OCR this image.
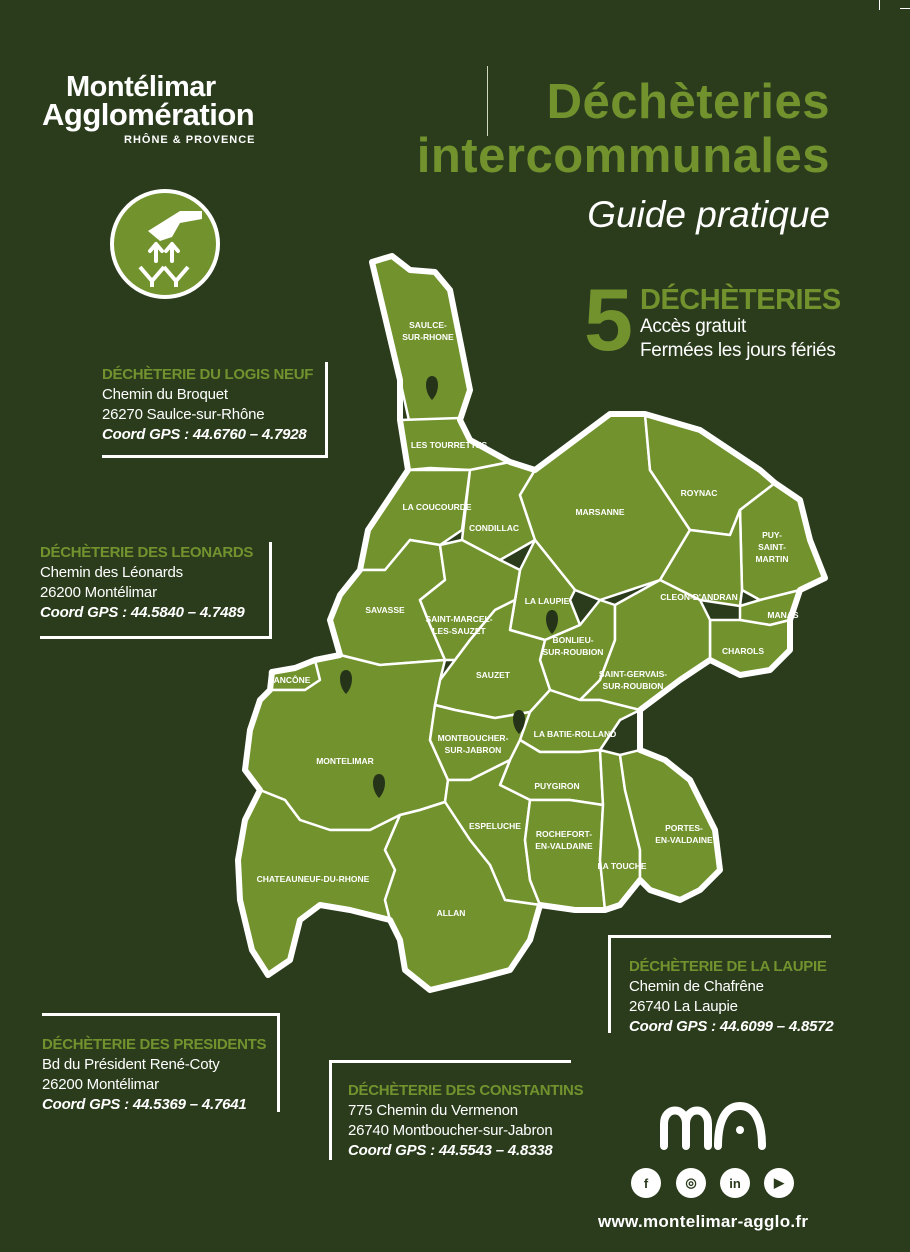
Montélimar
Agglomération
RHÔNE & PROVENCE
Déchèteries
intercommunales
Guide pratique
SAULCE-
SUR-RHONE
LES TOURRETTES
LA COUCOURDE
CONDILLAC
MARSANNE
ROYNAC
PUY-
SAINT-
MARTIN
CLEON-D'ANDRAN
MANAS
CHAROLS
LA LAUPIE
BONLIEU-
SUR-ROUBION
SAINT-GERVAIS-
SUR-ROUBION
SAVASSE
SAINT-MARCEL-
LES-SAUZET
SAUZET
ANCÔNE
MONTELIMAR
MONTBOUCHER-
SUR-JABRON
LA BATIE-ROLLAND
PUYGIRON
ESPELUCHE
ROCHEFORT-
EN-VALDAINE
LA TOUCHE
PORTES-
EN-VALDAINE
CHATEAUNEUF-DU-RHONE
ALLAN
5 DÉCHÈTERIES
Accès gratuit
Fermées les jours fériés
DÉCHÈTERIE DU LOGIS NEUF
Chemin du Broquet
26270 Saulce-sur-Rhône
Coord GPS : 44.6760 – 4.7928
DÉCHÈTERIE DES LEONARDS
Chemin des Léonards
26200 Montélimar
Coord GPS : 44.5840 – 4.7489
DÉCHÈTERIE DE LA LAUPIE
Chemin de Chafrêne
26740 La Laupie
Coord GPS : 44.6099 – 4.8572
DÉCHÈTERIE DES PRESIDENTS
Bd du Président René-Coty
26200 Montélimar
Coord GPS : 44.5369 – 4.7641
DÉCHÈTERIE DES CONSTANTINS
775 Chemin du Vermenon
26740 Montboucher-sur-Jabron
Coord GPS : 44.5543 – 4.8338
f	◎	in	▶
www.montelimar-agglo.fr
